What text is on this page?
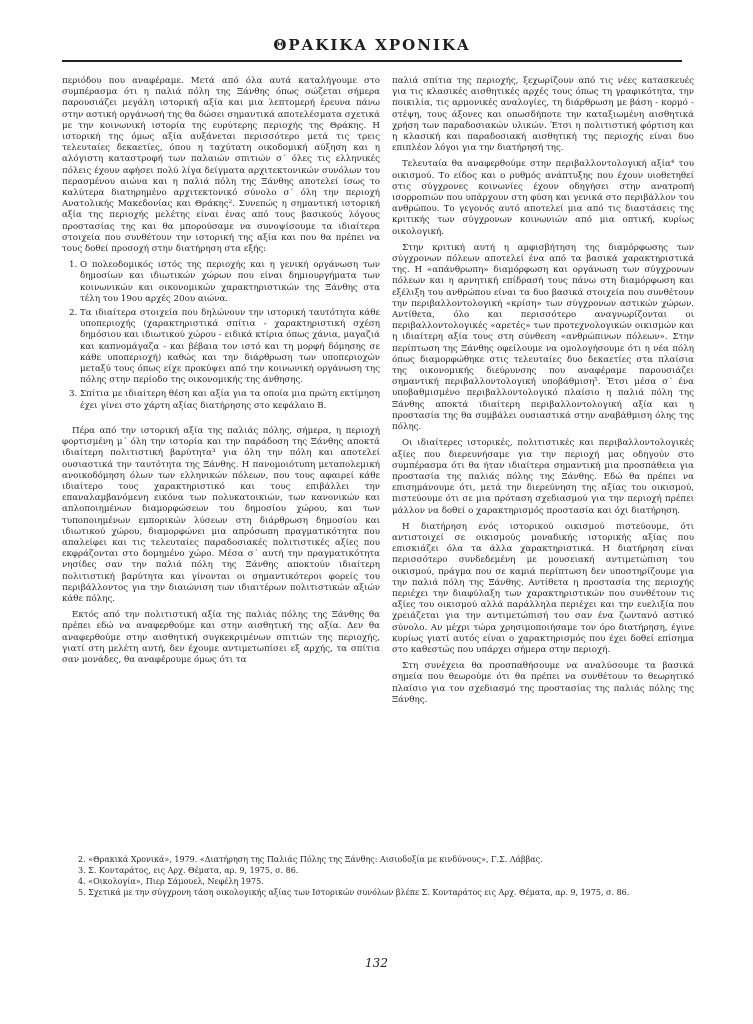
ΘΡΑΚΙΚΑ ΧΡΟΝΙΚΑ

περιόδου που αναφέραμε. Μετά από όλα αυτά καταλήγουμε στο συμπέρασμα ότι η παλιά πόλη της Ξάνθης όπως σώζεται σήμερα παρουσιάζει μεγάλη ιστορική αξία και μια λεπτομερή έρευνα πάνω στην αστική οργάνωσή της θα δώσει σημαντικά αποτελέσματα σχετικά με την κοινωνική ιστορία της ευρύτερης περιοχής της Θράκης. Η ιστορική της όμως αξία αυξάνεται περισσότερο μετά τις τρεις τελευταίες δεκαετίες, όπου η ταχύτατη οικοδομική αύξηση και η αλόγιστη καταστροφή των παλαιών σπιτιών σ΄ όλες τις ελληνικές πόλεις έχουν αφήσει πολύ λίγα δείγματα αρχιτεκτονικών συνόλων του περασμένου αιώνα και η παλιά πόλη της Ξάνθης αποτελεί ίσως το καλύτερα διατηρημένο αρχιτεκτονικό σύνολο σ΄ όλη την περιοχή Ανατολικής Μακεδονίας και Θράκης². Συνεπώς η σημαντική ιστορική αξία της περιοχής μελέτης είναι ένας από τους βασικούς λόγους προστασίας της και θα μπορούσαμε να συνοψίσουμε τα ιδιαίτερα στοιχεία που συνθέτουν την ιστορική της αξία και που θα πρέπει να τους δοθεί προσοχή στην διατήρηση στα εξής:

1. Ο πολεοδομικός ιστός της περιοχής και η γενική οργάνωση των δημοσίων και ιδιωτικών χώρων που είναι δημιουργήματα των κοινωνικών και οικονομικών χαρακτηριστικών της Ξάνθης στα τέλη του 19ου αρχές 20ου αιώνα.
2. Τα ιδιαίτερα στοιχεία που δηλώνουν την ιστορική ταυτότητα κάθε υποπεριοχής (χαρακτηριστικά σπίτια - χαρακτηριστική σχέση δημόσιου και ιδιωτικού χώρου - ειδικά κτίρια όπως χάνια, μαγαζιά και καπνομάγαζα - και βέβαια τον ιστό και τη μορφή δόμησης σε κάθε υποπεριοχή) καθώς και την διάρθρωση των υποπεριοχών μεταξύ τους όπως είχε προκύψει από την κοινωνική οργάνωση της πόλης στην περίοδο της οικονομικής της άνθησης.
3. Σπίτια με ιδιαίτερη θέση και αξία για τα οποία μια πρώτη εκτίμηση έχει γίνει στο χάρτη αξίας διατήρησης στο κεφάλαιο Β.

Πέρα από την ιστορική αξία της παλιάς πόλης, σήμερα, η περιοχή φορτισμένη μ΄ όλη την ιστορία και την παράδοση της Ξάνθης αποκτά ιδιαίτερη πολιτιστική βαρύτητα³ για όλη την πόλη και αποτελεί ουσιαστικά την ταυτότητα της Ξάνθης. Η πανομοιότυπη μεταπολεμική ανοικοδόμηση όλων των ελληνικών πόλεων, που τους αφαιρεί κάθε ιδιαίτερο τους χαρακτηριστικό και τους επιβάλλει την επαναλαμβανόμενη εικόνα των πολυκατοικιών, των κανονικών και απλοποιημένων διαμορφώσεων του δημοσίου χώρου, και των τυποποιημένων εμπορικών λύσεων στη διάρθρωση δημοσίου και ιδιωτικού χώρου, διαμορφώνει μια απρόσωπη πραγματικότητα που απαλείφει και τις τελευταίες παραδοσιακές πολιτιστικές αξίες που εκφράζονται στο δομημένο χώρο. Μέσα σ΄ αυτή την πραγματικότητα νησίδες σαν την παλιά πόλη της Ξάνθης αποκτούν ιδιαίτερη πολιτιστική βαρύτητα και γίνονται οι σημαντικότεροι φορείς του περιβάλλοντος για την διαιώνιση των ιδιαιτέρων πολιτιστικών αξιών κάθε πόλης.

Εκτός από την πολιτιστική αξία της παλιάς πόλης της Ξάνθης θα πρέπει εδώ να αναφερθούμε και στην αισθητική της αξία. Δεν θα αναφερθούμε στην αισθητική συγκεκριμένων σπιτιών της περιοχής, γιατί στη μελέτη αυτή, δεν έχουμε αντιμετωπίσει εξ αρχής, τα σπίτια σαν μονάδες, θα αναφέρουμε όμως ότι τα

παλιά σπίτια της περιοχής, ξεχωρίζουν από τις νέες κατασκευές για τις κλασικές αισθητικές αρχές τους όπως τη γραφικότητα, την ποικιλία, τις αρμονικές αναλογίες, τη διάρθρωση με βάση - κορμό - στέψη, τους άξονες και οπωσδήποτε την καταξιωμένη αισθητικά χρήση των παραδοσιακών υλικών. Έτσι η πολιτιστική φόρτιση και η κλασική και παραδοσιακή αισθητική της περιοχής είναι δυο επιπλέον λόγοι για την διατήρησή της.

Τελευταία θα αναφερθούμε στην περιβαλλοντολογική αξία⁴ του οικισμού. Το είδος και ο ρυθμός ανάπτυξης που έχουν υιοθετηθεί στις σύγχρονες κοινωνίες έχουν οδηγήσει στην ανατροπή ισορροπιών που υπάρχουν στη φύση και γενικά στο περιβάλλον του ανθρώπου. Το γεγονός αυτό αποτελεί μια από τις διαστάσεις της κριτικής των σύγχρονων κοινωνιών από μια οπτική, κυρίως οικολογική.

Στην κριτική αυτή η αμφισβήτηση της διαμόρφωσης των σύγχρονων πόλεων αποτελεί ένα από τα βασικά χαρακτηριστικά της. Η «απάνθρωπη» διαμόρφωση και οργάνωση των σύγχρονων πόλεων και η αρνητική επίδρασή τους πάνω στη διαμόρφωση και εξέλιξη του ανθρώπου είναι τα δυο βασικά στοιχεία που συνθέτουν την περιβαλλοντολογική «κρίση» των σύγχρονων αστικών χώρων. Αντίθετα, όλο και περισσότερο αναγνωρίζονται οι περιβαλλοντολογικές «αρετές» των προτεχνολογικών οικισμών και η ιδιαίτερη αξία τους στη σύνθεση «ανθρώπινων πόλεων». Στην περίπτωση της Ξάνθης οφείλουμε να ομολογήσουμε ότι η νέα πόλη όπως διαμορφώθηκε στις τελευταίες δυο δεκαετίες στα πλαίσια της οικονομικής διεύρυνσης που αναφέραμε παρουσιάζει σημαντική περιβαλλοντολογική υποβάθμιση⁵. Έτσι μέσα σ΄ ένα υποβαθμισμένο περιβαλλοντολογικό πλαίσιο η παλιά πόλη της Ξάνθης αποκτά ιδιαίτερη περιβαλλοντολογική αξία και η προστασία της θα συμβάλει ουσιαστικά στην αναβάθμιση όλης της πόλης.

Οι ιδιαίτερες ιστορικές, πολιτιστικές και περιβαλλοντολογικές αξίες που διερευνήσαμε για την περιοχή μας οδηγούν στο συμπέρασμα ότι θα ήταν ιδιαίτερα σημαντική μια προσπάθεια για προστασία της παλιάς πόλης της Ξάνθης. Εδώ θα πρέπει να επισημάνουμε ότι, μετά την διερεύνηση της αξίας του οικισμού, πιστεύουμε ότι σε μια πρόταση σχεδιασμού για την περιοχή πρέπει μάλλον να δοθεί ο χαρακτηρισμός προστασία και όχι διατήρηση.

Η διατήρηση ενός ιστορικού οικισμού πιστεύουμε, ότι αντιστοιχεί σε οικισμούς μοναδικής ιστορικής αξίας που επισκιάζει όλα τα άλλα χαρακτηριστικά. Η διατήρηση είναι περισσότερο συνδεδεμένη με μουσειακή αντιμετώπιση του οικισμού, πράγμα που σε καμιά περίπτωση δεν υποστηρίζουμε για την παλιά πόλη της Ξάνθης. Αντίθετα η προστασία της περιοχής περιέχει την διαφύλαξη των χαρακτηριστικών που συνθέτουν τις αξίες του οικισμού αλλά παράλληλα περιέχει και την ευελιξία που χρειάζεται για την αντιμετώπισή του σαν ένα ζωντανό αστικό σύνολο. Αν μέχρι τώρα χρησιμοποιήσαμε τον όρο διατήρηση, έγινε κυρίως γιατί αυτός είναι ο χαρακτηρισμός που έχει δοθεί επίσημα στο καθεστώς που υπάρχει σήμερα στην περιοχή.

Στη συνέχεια θα προσπαθήσουμε να αναλύσουμε τα βασικά σημεία που θεωρούμε ότι θα πρέπει να συνθέτουν το θεωρητικό πλαίσιο για τον σχεδιασμό της προστασίας της παλιάς πόλης της Ξάνθης.

2. «Θρακικά Χρονικά», 1979. «Διατήρηση της Παλιάς Πόλης της Ξάνθης: Αισιοδοξία με κινδύνους», Γ.Σ. Λάββας.
3. Σ. Κονταράτος, εις Αρχ. Θέματα, αρ. 9, 1975, σ. 86.
4. «Οικολογία», Πιερ Σάμουελ, Νεφέλη 1975.
5. Σχετικά με την σύγχρονη τάση οικολογικής αξίας των Ιστορικών συνόλων βλέπε Σ. Κονταράτος εις Αρχ. Θέματα, αρ. 9, 1975, σ. 86.
132
